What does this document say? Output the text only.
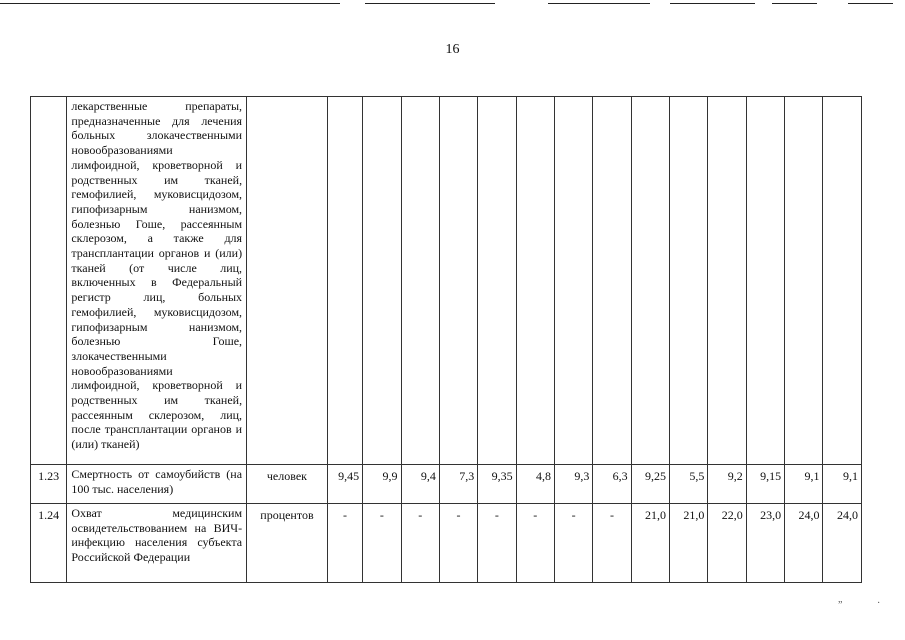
16
	лекарственные препараты, предназначенные для лечения больных злокачественными новообразованиями лимфоидной, кроветворной и родственных им тканей, гемофилией, муковисцидозом, гипофизарным нанизмом, болезнью Гоше, рассеянным склерозом, а также для трансплантации органов и (или) тканей (от числе лиц, включенных в Федеральный регистр лиц, больных гемофилией, муковисцидозом, гипофизарным нанизмом, болезнью Гоше, злокачественными новообразованиями лимфоидной, кроветворной и родственных им тканей, рассеянным склерозом, лиц, после трансплантации органов и (или) тканей)															
1.23	Смертность от самоубийств (на 100 тыс. населения)	человек	9,45	9,9	9,4	7,3	9,35	4,8	9,3	6,3	9,25	5,5	9,2	9,15	9,1	9,1
1.24	Охват медицинским освидетельствованием на ВИЧ-инфекцию населения субъекта Российской Федерации	процентов	-	-	-	-	-	-	-	-	21,0	21,0	22,0	23,0	24,0	24,0
”	·
